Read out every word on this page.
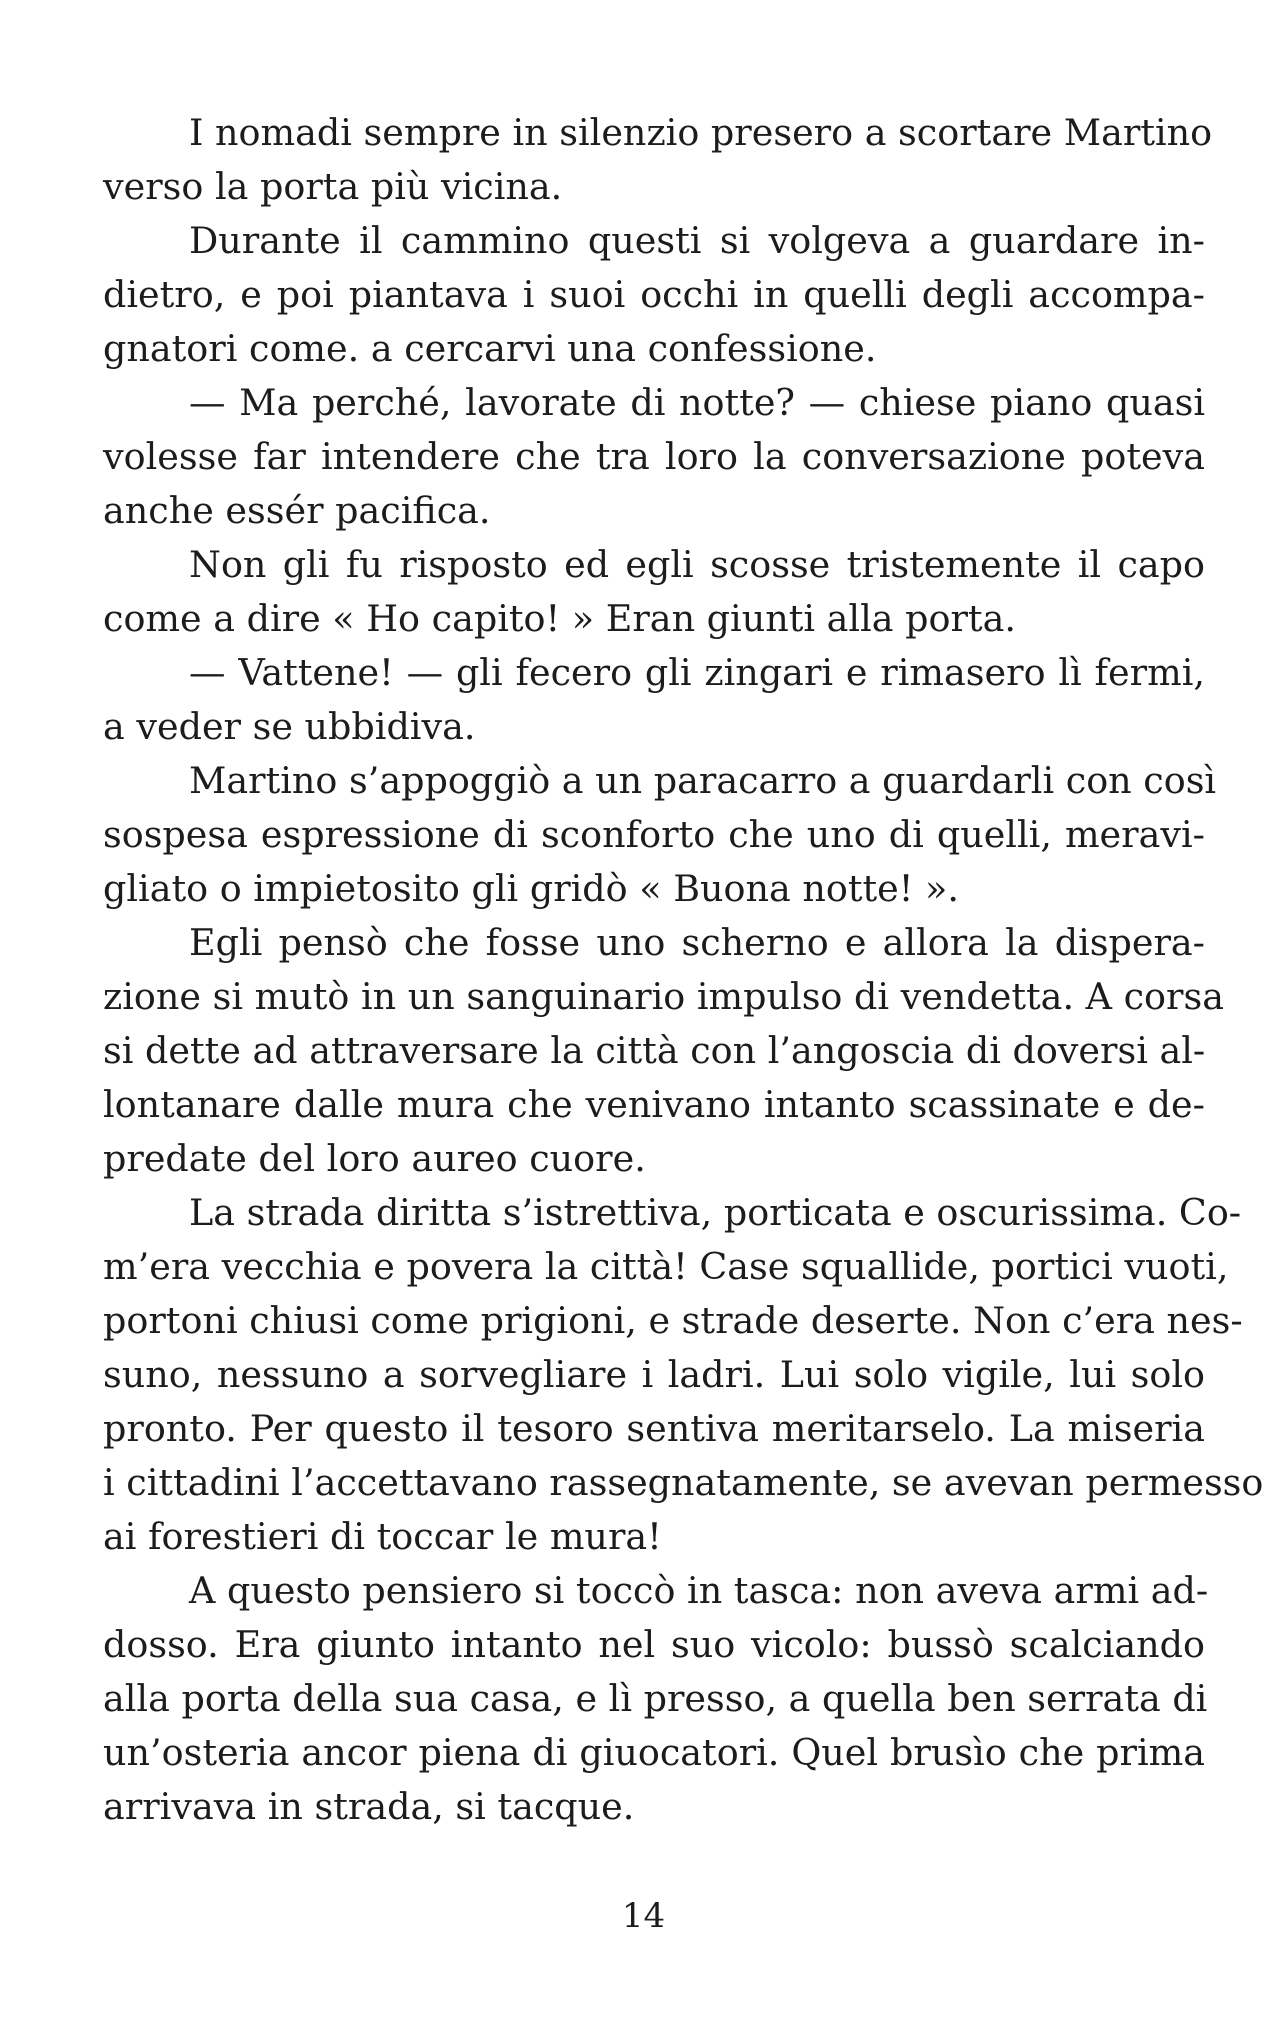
I nomadi sempre in silenzio presero a scortare Martino
verso la porta più vicina.
Durante il cammino questi si volgeva a guardare in-
dietro, e poi piantava i suoi occhi in quelli degli accompa-
gnatori come. a cercarvi una confessione.
— Ma perché, lavorate di notte? — chiese piano quasi
volesse far intendere che tra loro la conversazione poteva
anche essér pacifica.
Non gli fu risposto ed egli scosse tristemente il capo
come a dire « Ho capito! » Eran giunti alla porta.
— Vattene! — gli fecero gli zingari e rimasero lì fermi,
a veder se ubbidiva.
Martino s’appoggiò a un paracarro a guardarli con così
sospesa espressione di sconforto che uno di quelli, meravi-
gliato o impietosito gli gridò « Buona notte! ».
Egli pensò che fosse uno scherno e allora la dispera-
zione si mutò in un sanguinario impulso di vendetta. A corsa
si dette ad attraversare la città con l’angoscia di doversi al-
lontanare dalle mura che venivano intanto scassinate e de-
predate del loro aureo cuore.
La strada diritta s’istrettiva, porticata e oscurissima. Co-
m’era vecchia e povera la città! Case squallide, portici vuoti,
portoni chiusi come prigioni, e strade deserte. Non c’era nes-
suno, nessuno a sorvegliare i ladri. Lui solo vigile, lui solo
pronto. Per questo il tesoro sentiva meritarselo. La miseria
i cittadini l’accettavano rassegnatamente, se avevan permesso
ai forestieri di toccar le mura!
A questo pensiero si toccò in tasca: non aveva armi ad-
dosso. Era giunto intanto nel suo vicolo: bussò scalciando
alla porta della sua casa, e lì presso, a quella ben serrata di
un’osteria ancor piena di giuocatori. Quel brusìo che prima
arrivava in strada, si tacque.
14
